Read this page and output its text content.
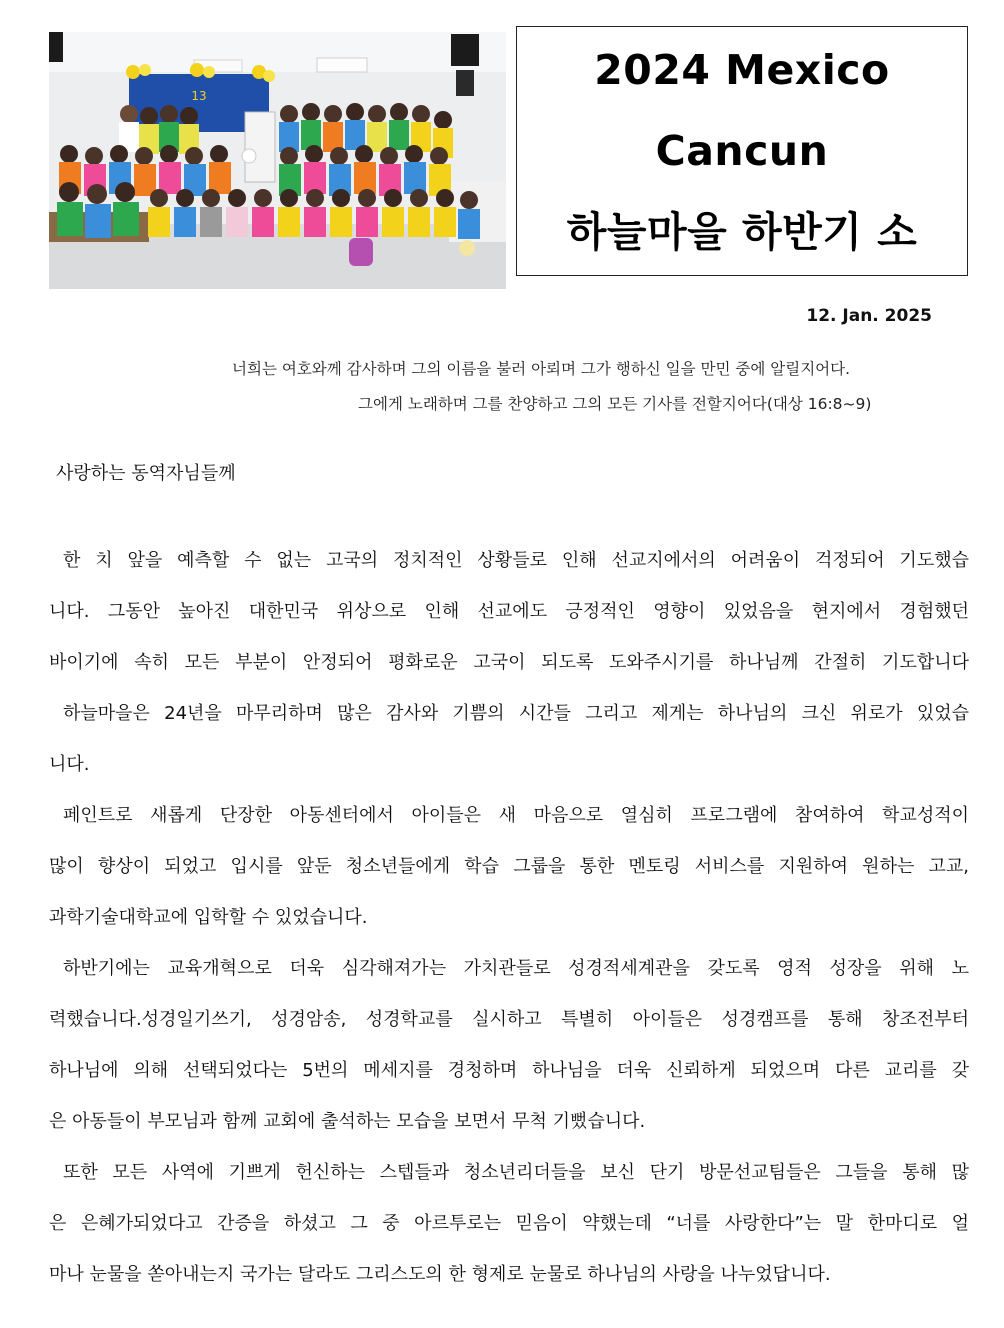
13
2024 Mexico
Cancun
하늘마을 하반기 소
12. Jan. 2025
너희는 여호와께 감사하며 그의 이름을 불러 아뢰며 그가 행하신 일을 만민 중에 알릴지어다.
그에게 노래하며 그를 찬양하고 그의 모든 기사를 전할지어다(대상 16:8~9)
사랑하는 동역자님들께
한 치 앞을 예측할 수 없는 고국의 정치적인 상황들로 인해 선교지에서의 어려움이 걱정되어 기도했습
니다. 그동안 높아진 대한민국 위상으로 인해 선교에도 긍정적인 영향이 있었음을 현지에서 경험했던
바이기에 속히 모든 부분이 안정되어 평화로운 고국이 되도록 도와주시기를 하나님께 간절히 기도합니다
하늘마을은 24년을 마무리하며 많은 감사와 기쁨의 시간들 그리고 제게는 하나님의 크신 위로가 있었습
니다.
페인트로 새롭게 단장한 아동센터에서 아이들은 새 마음으로 열심히 프로그램에 참여하여 학교성적이
많이 향상이 되었고 입시를 앞둔 청소년들에게 학습 그룹을 통한 멘토링 서비스를 지원하여 원하는 고교,
과학기술대학교에 입학할 수 있었습니다.
하반기에는 교육개혁으로 더욱 심각해져가는 가치관들로 성경적세계관을 갖도록 영적 성장을 위해 노
력했습니다.성경일기쓰기, 성경암송, 성경학교를 실시하고 특별히 아이들은 성경캠프를 통해 창조전부터
하나님에 의해 선택되었다는 5번의 메세지를 경청하며 하나님을 더욱 신뢰하게 되었으며 다른 교리를 갖
은 아동들이 부모님과 함께 교회에 출석하는 모습을 보면서 무척 기뻤습니다.
또한 모든 사역에 기쁘게 헌신하는 스텝들과 청소년리더들을 보신 단기 방문선교팀들은 그들을 통해 많
은 은혜가되었다고 간증을 하셨고 그 중 아르투로는 믿음이 약했는데 “너를 사랑한다”는 말 한마디로 얼
마나 눈물을 쏟아내는지 국가는 달라도 그리스도의 한 형제로 눈물로 하나님의 사랑을 나누었답니다.
